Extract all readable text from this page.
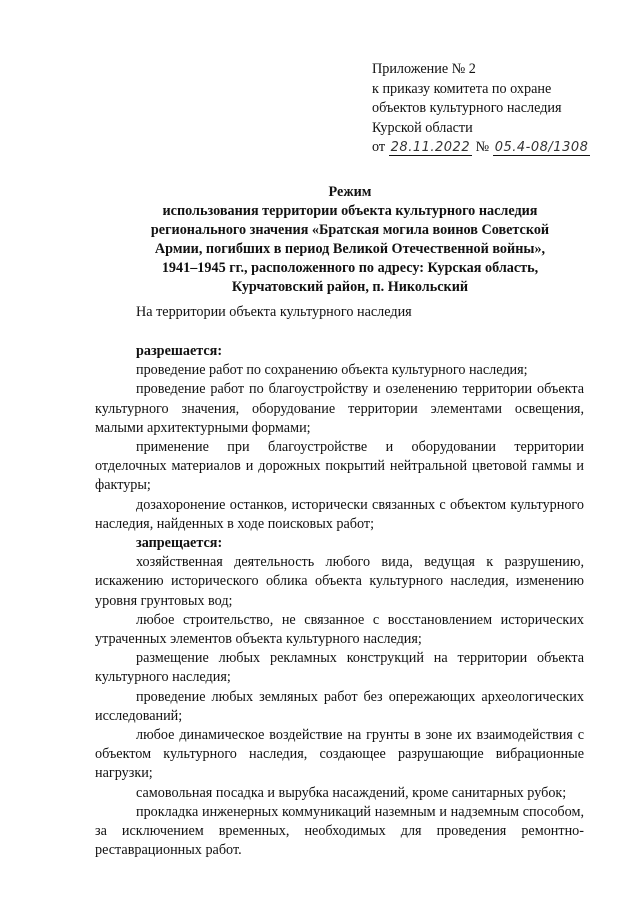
Приложение № 2
к приказу комитета по охране
объектов культурного наследия
Курской области
от 28.11.2022 № 05.4-08/1308
Режим
использования территории объекта культурного наследия
регионального значения «Братская могила воинов Советской
Армии, погибших в период Великой Отечественной войны»,
1941–1945 гг., расположенного по адресу: Курская область,
Курчатовский район, п. Никольский
На территории объекта культурного наследия
разрешается:
проведение работ по сохранению объекта культурного наследия;
проведение работ по благоустройству и озеленению территории объекта культурного значения, оборудование территории элементами освещения, малыми архитектурными формами;
применение при благоустройстве и оборудовании территории отделочных материалов и дорожных покрытий нейтральной цветовой гаммы и фактуры;
дозахоронение останков, исторически связанных с объектом культурного наследия, найденных в ходе поисковых работ;
запрещается:
хозяйственная деятельность любого вида, ведущая к разрушению, искажению исторического облика объекта культурного наследия, изменению уровня грунтовых вод;
любое строительство, не связанное с восстановлением исторических утраченных элементов объекта культурного наследия;
размещение любых рекламных конструкций на территории объекта культурного наследия;
проведение любых земляных работ без опережающих археологических исследований;
любое динамическое воздействие на грунты в зоне их взаимодействия с объектом культурного наследия, создающее разрушающие вибрационные нагрузки;
самовольная посадка и вырубка насаждений, кроме санитарных рубок;
прокладка инженерных коммуникаций наземным и надземным способом, за исключением временных, необходимых для проведения ремонтно-реставрационных работ.
